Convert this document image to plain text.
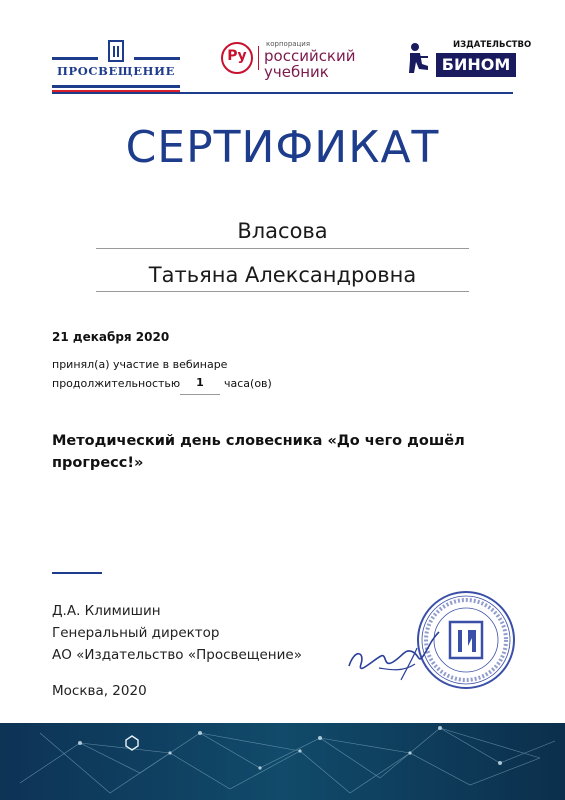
ПРОСВЕЩЕНИЕ
Ру
корпорация
российский
учебник
ИЗДАТЕЛЬСТВО
БИНОМ
СЕРТИФИКАТ
Власова
Татьяна Александровна
21 декабря 2020
принял(а) участие в вебинаре
продолжительностью	1	часа(ов)
Методический день словесника «До чего дошёл прогресс!»
Д.А. Климишин
Генеральный директор
АО «Издательство «Просвещение»
Москва, 2020
